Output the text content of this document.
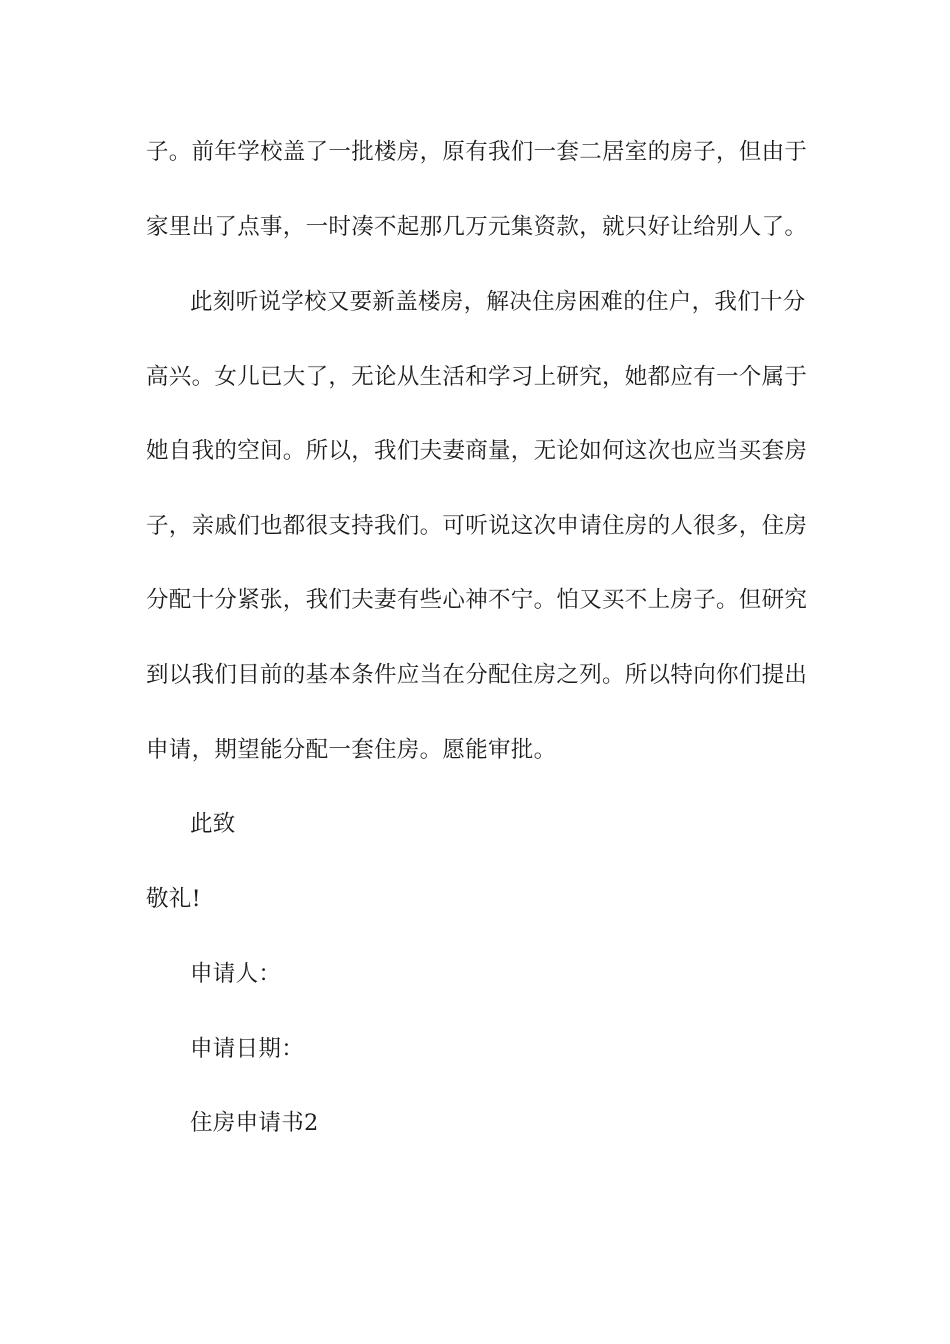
子。前年学校盖了一批楼房，原有我们一套二居室的房子，但由于
家里出了点事，一时凑不起那几万元集资款，就只好让给别人了。
此刻听说学校又要新盖楼房，解决住房困难的住户，我们十分
高兴。女儿已大了，无论从生活和学习上研究，她都应有一个属于
她自我的空间。所以，我们夫妻商量，无论如何这次也应当买套房
子，亲戚们也都很支持我们。可听说这次申请住房的人很多，住房
分配十分紧张，我们夫妻有些心神不宁。怕又买不上房子。但研究
到以我们目前的基本条件应当在分配住房之列。所以特向你们提出
申请，期望能分配一套住房。愿能审批。
此致
敬礼!
申请人：
申请日期：
住房申请书2
